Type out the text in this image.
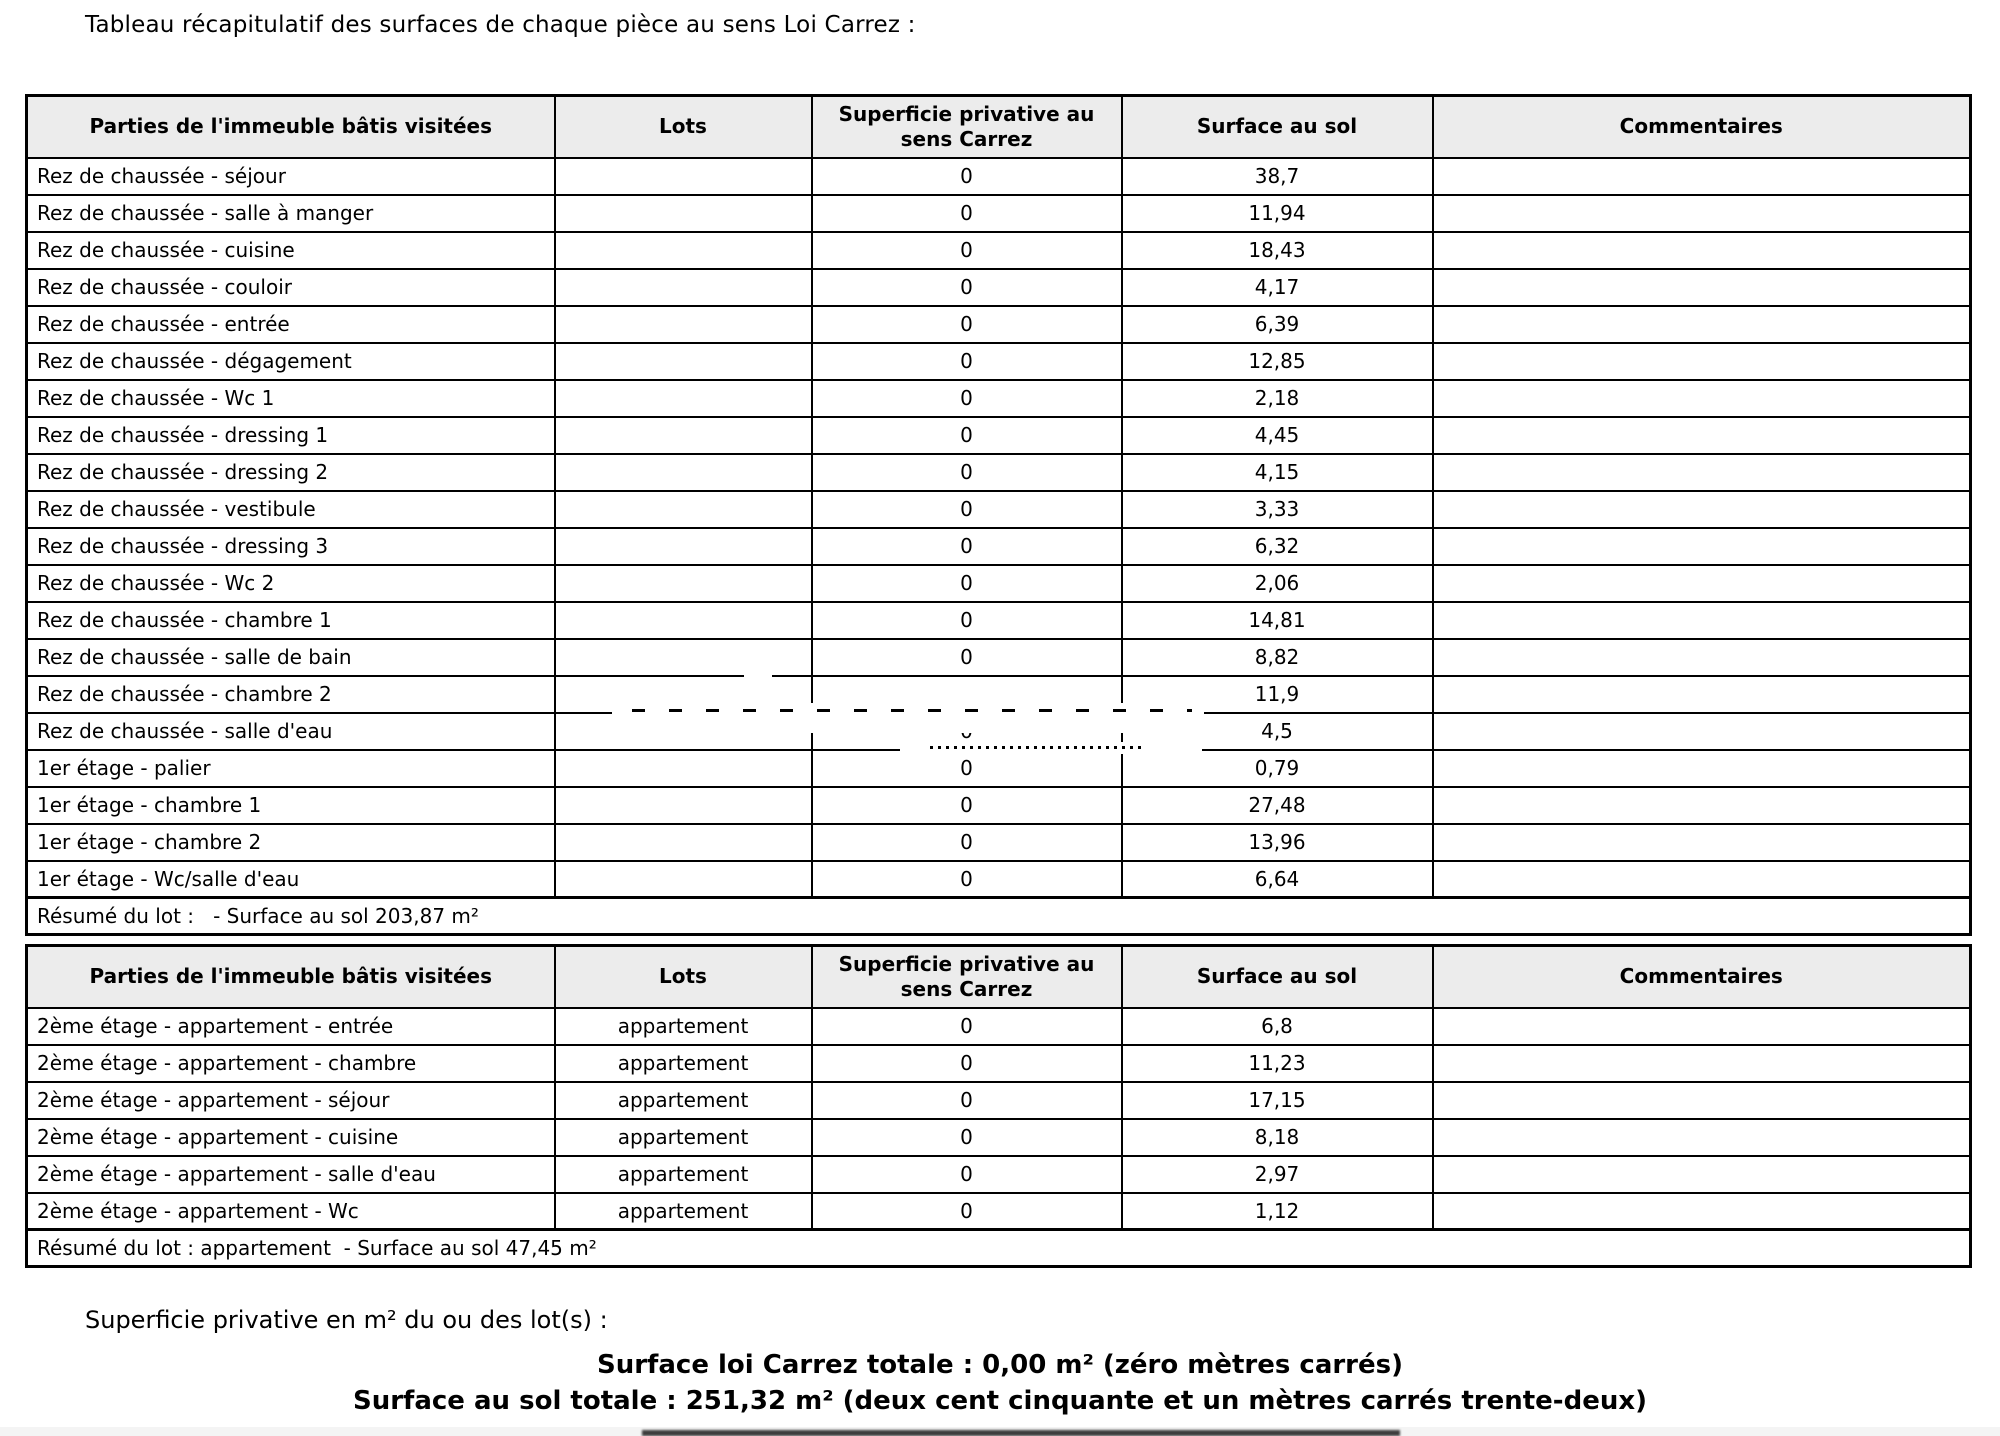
Tableau récapitulatif des surfaces de chaque pièce au sens Loi Carrez :
Parties de l'immeuble bâtis visitées	Lots	Superficie privative au sens Carrez	Surface au sol	Commentaires
Rez de chaussée - séjour		0	38,7	
Rez de chaussée - salle à manger		0	11,94	
Rez de chaussée - cuisine		0	18,43	
Rez de chaussée - couloir		0	4,17	
Rez de chaussée - entrée		0	6,39	
Rez de chaussée - dégagement		0	12,85	
Rez de chaussée - Wc 1		0	2,18	
Rez de chaussée - dressing 1		0	4,45	
Rez de chaussée - dressing 2		0	4,15	
Rez de chaussée - vestibule		0	3,33	
Rez de chaussée - dressing 3		0	6,32	
Rez de chaussée - Wc 2		0	2,06	
Rez de chaussée - chambre 1		0	14,81	
Rez de chaussée - salle de bain		0	8,82	
Rez de chaussée - chambre 2			11,9	
Rez de chaussée - salle d'eau			4,5	
1er étage - palier		0	0,79	
1er étage - chambre 1		0	27,48	
1er étage - chambre 2		0	13,96	
1er étage - Wc/salle d'eau		0	6,64	
Résumé du lot :   - Surface au sol 203,87 m²				
Parties de l'immeuble bâtis visitées	Lots	Superficie privative au sens Carrez	Surface au sol	Commentaires
2ème étage - appartement - entrée	appartement	0	6,8	
2ème étage - appartement - chambre	appartement	0	11,23	
2ème étage - appartement - séjour	appartement	0	17,15	
2ème étage - appartement - cuisine	appartement	0	8,18	
2ème étage - appartement - salle d'eau	appartement	0	2,97	
2ème étage - appartement - Wc	appartement	0	1,12	
Résumé du lot : appartement  - Surface au sol 47,45 m²				
Superficie privative en m² du ou des lot(s) :
Surface loi Carrez totale : 0,00 m² (zéro mètres carrés)
Surface au sol totale : 251,32 m² (deux cent cinquante et un mètres carrés trente-deux)
